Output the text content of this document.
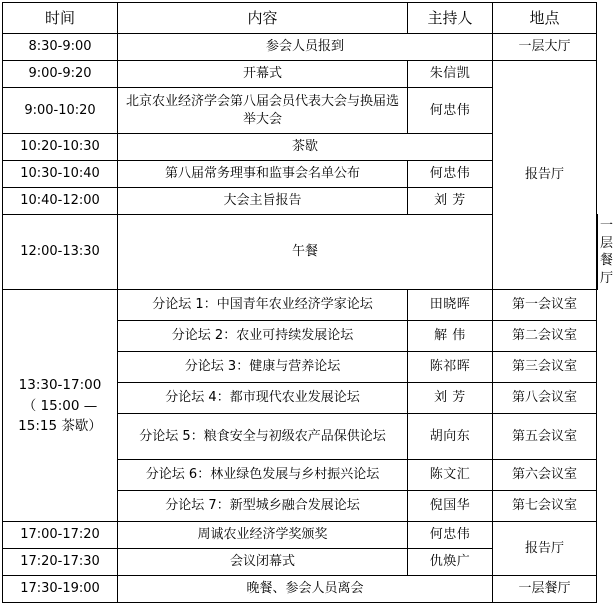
时间	内容	主持人	地点	
8:30-9:00	参会人员报到		一层大厅	
9:00-9:20	开幕式	朱信凯	报告厅	
9:00-10:20	北京农业经济学会第八届会员代表大会与换届选举大会	何忠伟		
10:20-10:30	茶歇			
10:30-10:40	第八届常务理事和监事会名单公布	何忠伟		
10:40-12:00	大会主旨报告	刘 芳		
12:00-13:30	午餐			一层餐厅

13:30-17:00
（ 15:00 —
15:15 茶歇）	分论坛 1：中国青年农业经济学家论坛	田晓晖	第一会议室	
	分论坛 2：农业可持续发展论坛	解 伟	第二会议室	
	分论坛 3：健康与营养论坛	陈祁晖	第三会议室	
	分论坛 4：都市现代农业发展论坛	刘 芳	第八会议室	
	分论坛 5：粮食安全与初级农产品保供论坛	胡向东	第五会议室	
	分论坛 6：林业绿色发展与乡村振兴论坛	陈文汇	第六会议室	
	分论坛 7：新型城乡融合发展论坛	倪国华	第七会议室	
17:00-17:20	周诚农业经济学奖颁奖	何忠伟	报告厅	
17:20-17:30	会议闭幕式	仇焕广		
17:30-19:00	晚餐、参会人员离会		一层餐厅	
